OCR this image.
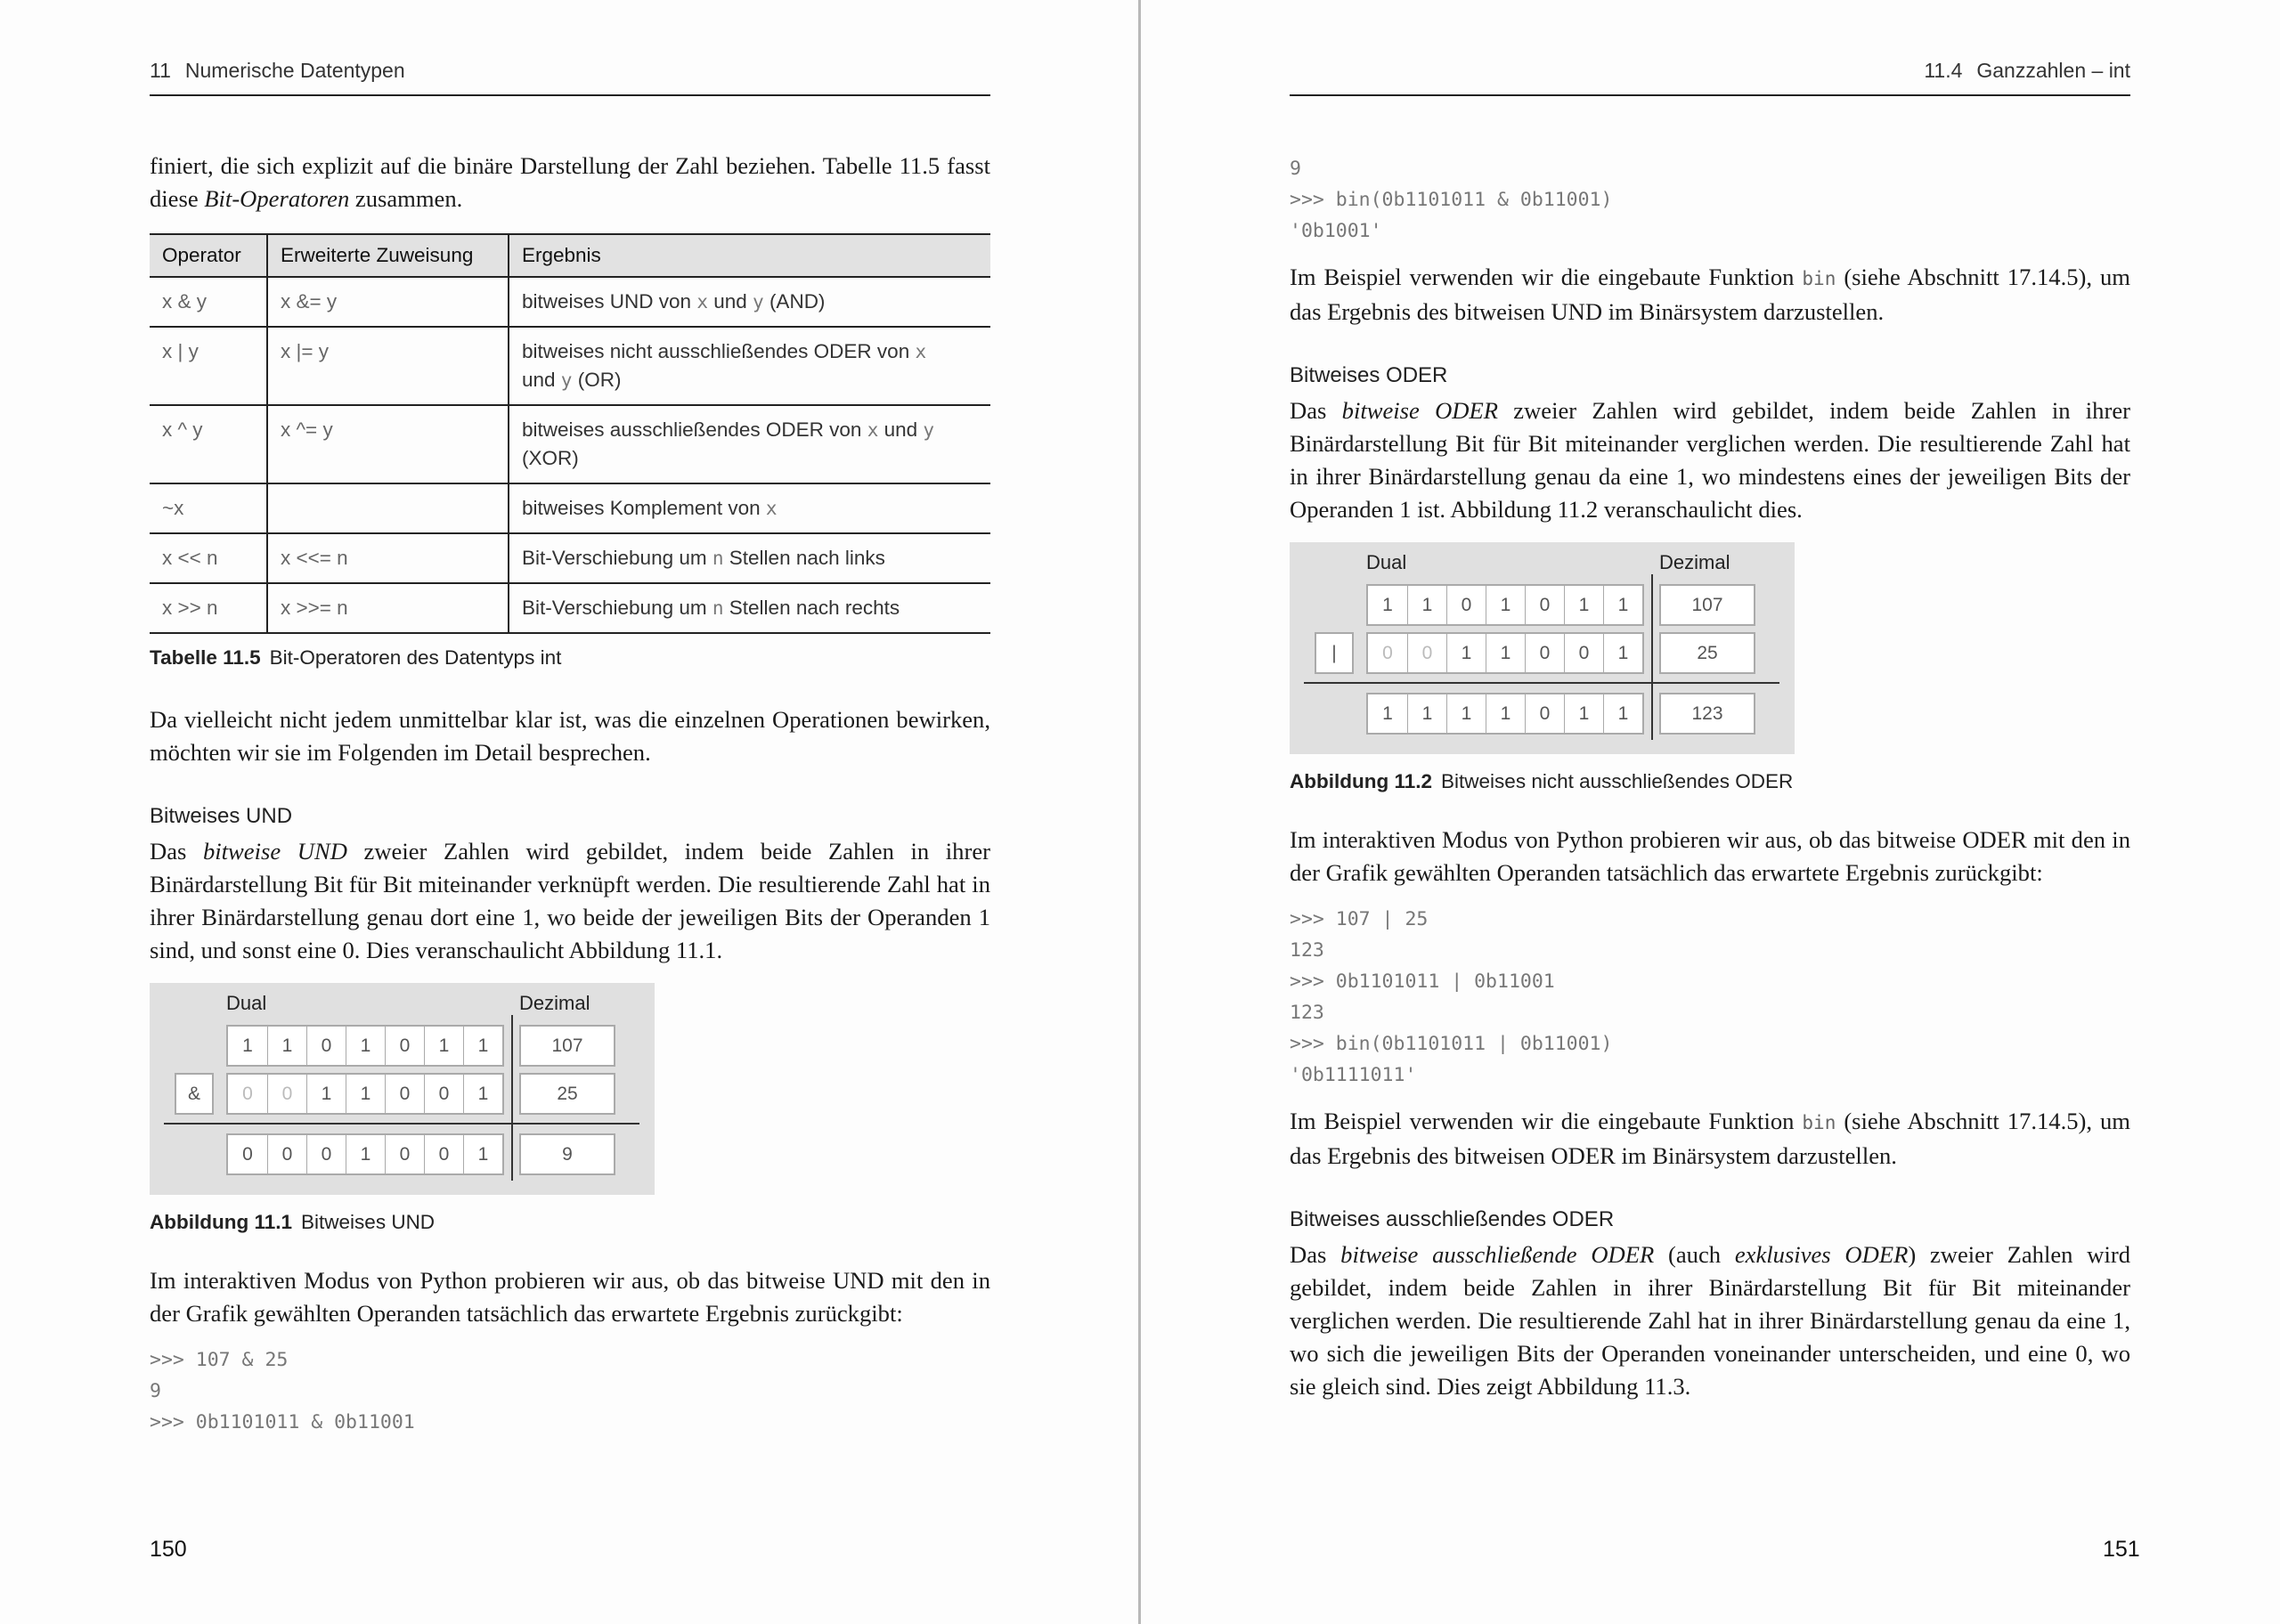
11 Numerische Datentypen

finiert, die sich explizit auf die binäre Darstellung der Zahl beziehen. Tabelle 11.5 fasst diese Bit-Operatoren zusammen.

Operator	Erweiterte Zuweisung	Ergebnis
x & y	x &= y	bitweises UND von x und y (AND)
x | y	x |= y	bitweises nicht ausschließendes ODER von x
und y (OR)
x ^ y	x ^= y	bitweises ausschließendes ODER von x und y
(XOR)
~x		bitweises Komplement von x
x << n	x <<= n	Bit-Verschiebung um n Stellen nach links
x >> n	x >>= n	Bit-Verschiebung um n Stellen nach rechts
Tabelle 11.5 Bit-Operatoren des Datentyps int

Da vielleicht nicht jedem unmittelbar klar ist, was die einzelnen Operationen bewirken, möchten wir sie im Folgenden im Detail besprechen.

Bitweises UND

Das bitweise UND zweier Zahlen wird gebildet, indem beide Zahlen in ihrer Binärdarstellung Bit für Bit miteinander verknüpft werden. Die resultierende Zahl hat in ihrer Binärdarstellung genau dort eine 1, wo beide der jeweiligen Bits der Operanden 1 sind, und sonst eine 0. Dies veranschaulicht Abbildung 11.1.

Dual	Dezimal
1	1	0	1	0	1	1	107
0	0	1	1	0	0	1	25
0	0	0	1	0	0	1	9
&
Abbildung 11.1 Bitweises UND

Im interaktiven Modus von Python probieren wir aus, ob das bitweise UND mit den in der Grafik gewählten Operanden tatsächlich das erwartete Ergebnis zurückgibt:

>>> 107 & 25
9
>>> 0b1101011 & 0b11001
150
11.4 Ganzzahlen – int
9
>>> bin(0b1101011 & 0b11001)
'0b1001'

Im Beispiel verwenden wir die eingebaute Funktion bin (siehe Abschnitt 17.14.5), um das Ergebnis des bitweisen UND im Binärsystem darzustellen.

Bitweises ODER

Das bitweise ODER zweier Zahlen wird gebildet, indem beide Zahlen in ihrer Binärdarstellung Bit für Bit miteinander verglichen werden. Die resultierende Zahl hat in ihrer Binärdarstellung genau da eine 1, wo mindestens eines der jeweiligen Bits der Operanden 1 ist. Abbildung 11.2 veranschaulicht dies.

Dual	Dezimal
1	1	0	1	0	1	1	107
0	0	1	1	0	0	1	25
1	1	1	1	0	1	1	123
|
Abbildung 11.2 Bitweises nicht ausschließendes ODER

Im interaktiven Modus von Python probieren wir aus, ob das bitweise ODER mit den in der Grafik gewählten Operanden tatsächlich das erwartete Ergebnis zurückgibt:

>>> 107 | 25
123
>>> 0b1101011 | 0b11001
123
>>> bin(0b1101011 | 0b11001)
'0b1111011'

Im Beispiel verwenden wir die eingebaute Funktion bin (siehe Abschnitt 17.14.5), um das Ergebnis des bitweisen ODER im Binärsystem darzustellen.

Bitweises ausschließendes ODER

Das bitweise ausschließende ODER (auch exklusives ODER) zweier Zahlen wird gebildet, indem beide Zahlen in ihrer Binärdarstellung Bit für Bit miteinander verglichen werden. Die resultierende Zahl hat in ihrer Binärdarstellung genau da eine 1, wo sich die jeweiligen Bits der Operanden voneinander unterscheiden, und eine 0, wo sie gleich sind. Dies zeigt Abbildung 11.3.

151
